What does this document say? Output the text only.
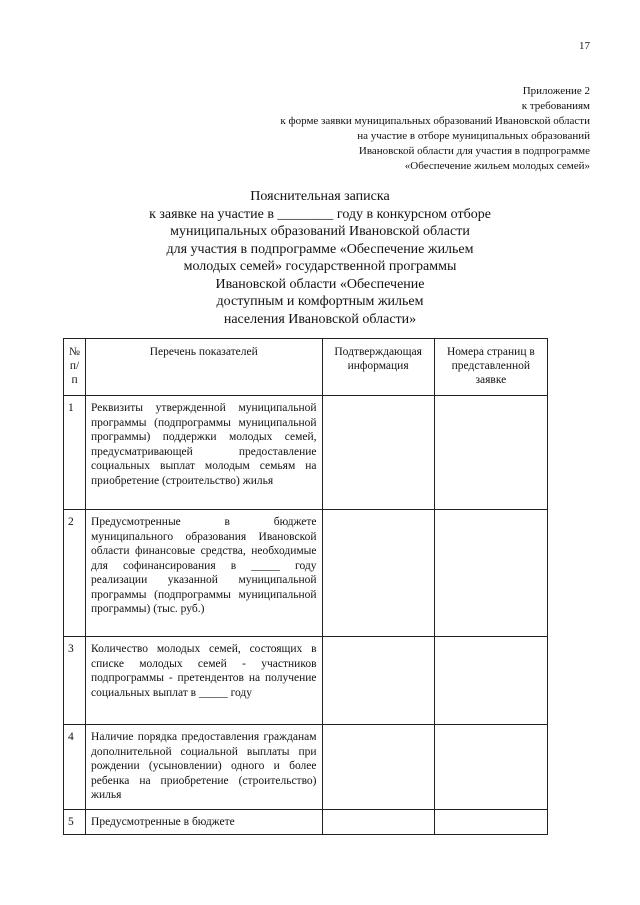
17
Приложение 2
к требованиям
к форме заявки муниципальных образований Ивановской области
на участие в отборе муниципальных образований
Ивановской области для участия в подпрограмме
«Обеспечение жильем молодых семей»
Пояснительная записка
к заявке на участие в ________ году в конкурсном отборе
муниципальных образований Ивановской области
для участия в подпрограмме «Обеспечение жильем
молодых семей» государственной программы
Ивановской области «Обеспечение
доступным и комфортным жильем
населения Ивановской области»
№ п/п	Перечень показателей	Подтверждающая информация	Номера страниц в представленной заявке
1	Реквизиты утвержденной муниципальной программы (подпрограммы муниципальной программы) поддержки молодых семей, предусматривающей предоставление социальных выплат молодым семьям на приобретение (строительство) жилья		
2	Предусмотренные в бюджете муниципального образования Ивановской области финансовые средства, необходимые для софинансирования в _____ году реализации указанной муниципальной программы (подпрограммы муниципальной программы) (тыс. руб.)		
3	Количество молодых семей, состоящих в списке молодых семей - участников подпрограммы - претендентов на получение социальных выплат в _____ году		
4	Наличие порядка предоставления гражданам дополнительной социальной выплаты при рождении (усыновлении) одного и более ребенка на приобретение (строительство) жилья		
5	Предусмотренные в бюджете		
